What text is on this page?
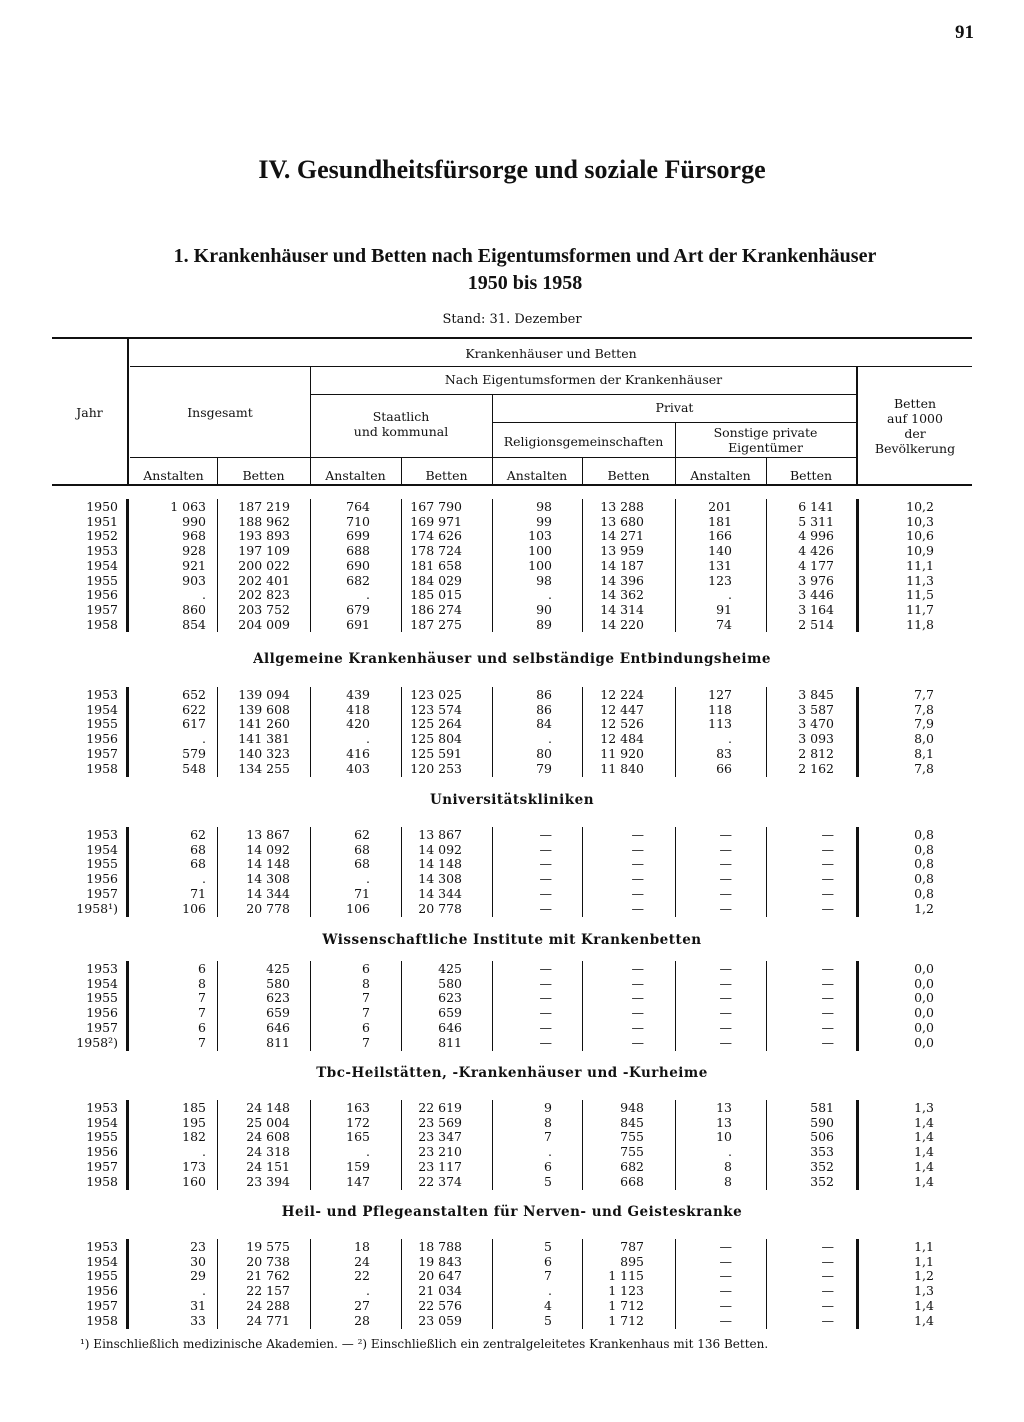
91
IV. Gesundheitsfürsorge und soziale Fürsorge
1. Krankenhäuser und Betten nach Eigentumsformen und Art der Krankenhäuser
1950 bis 1958
Stand: 31. Dezember
Krankenhäuser und Betten
Nach Eigentumsformen der Krankenhäuser
Jahr	Insgesamt	Staatlich
und kommunal
Privat
Religionsgemeinschaften
Sonstige private
Eigentümer
Betten
auf 1000
der
Bevölkerung
Anstalten	Betten	Anstalten	Betten	Anstalten	Betten	Anstalten	Betten
1950	1 063	187 219	764	167 790	98	13 288	201	6 141	10,2
1951	990	188 962	710	169 971	99	13 680	181	5 311	10,3
1952	968	193 893	699	174 626	103	14 271	166	4 996	10,6
1953	928	197 109	688	178 724	100	13 959	140	4 426	10,9
1954	921	200 022	690	181 658	100	14 187	131	4 177	11,1
1955	903	202 401	682	184 029	98	14 396	123	3 976	11,3
1956	.	202 823	.	185 015	.	14 362	.	3 446	11,5
1957	860	203 752	679	186 274	90	14 314	91	3 164	11,7
1958	854	204 009	691	187 275	89	14 220	74	2 514	11,8
Allgemeine Krankenhäuser und selbständige Entbindungsheime
1953	652	139 094	439	123 025	86	12 224	127	3 845	7,7
1954	622	139 608	418	123 574	86	12 447	118	3 587	7,8
1955	617	141 260	420	125 264	84	12 526	113	3 470	7,9
1956	.	141 381	.	125 804	.	12 484	.	3 093	8,0
1957	579	140 323	416	125 591	80	11 920	83	2 812	8,1
1958	548	134 255	403	120 253	79	11 840	66	2 162	7,8
Universitätskliniken
1953	62	13 867	62	13 867	—	—	—	—	0,8
1954	68	14 092	68	14 092	—	—	—	—	0,8
1955	68	14 148	68	14 148	—	—	—	—	0,8
1956	.	14 308	.	14 308	—	—	—	—	0,8
1957	71	14 344	71	14 344	—	—	—	—	0,8
1958¹)	106	20 778	106	20 778	—	—	—	—	1,2
Wissenschaftliche Institute mit Krankenbetten
1953	6	425	6	425	—	—	—	—	0,0
1954	8	580	8	580	—	—	—	—	0,0
1955	7	623	7	623	—	—	—	—	0,0
1956	7	659	7	659	—	—	—	—	0,0
1957	6	646	6	646	—	—	—	—	0,0
1958²)	7	811	7	811	—	—	—	—	0,0
Tbc-Heilstätten, -Krankenhäuser und -Kurheime
1953	185	24 148	163	22 619	9	948	13	581	1,3
1954	195	25 004	172	23 569	8	845	13	590	1,4
1955	182	24 608	165	23 347	7	755	10	506	1,4
1956	.	24 318	.	23 210	.	755	.	353	1,4
1957	173	24 151	159	23 117	6	682	8	352	1,4
1958	160	23 394	147	22 374	5	668	8	352	1,4
Heil- und Pflegeanstalten für Nerven- und Geisteskranke
1953	23	19 575	18	18 788	5	787	—	—	1,1
1954	30	20 738	24	19 843	6	895	—	—	1,1
1955	29	21 762	22	20 647	7	1 115	—	—	1,2
1956	.	22 157	.	21 034	.	1 123	—	—	1,3
1957	31	24 288	27	22 576	4	1 712	—	—	1,4
1958	33	24 771	28	23 059	5	1 712	—	—	1,4
¹) Einschließlich medizinische Akademien. — ²) Einschließlich ein zentralgeleitetes Krankenhaus mit 136 Betten.
